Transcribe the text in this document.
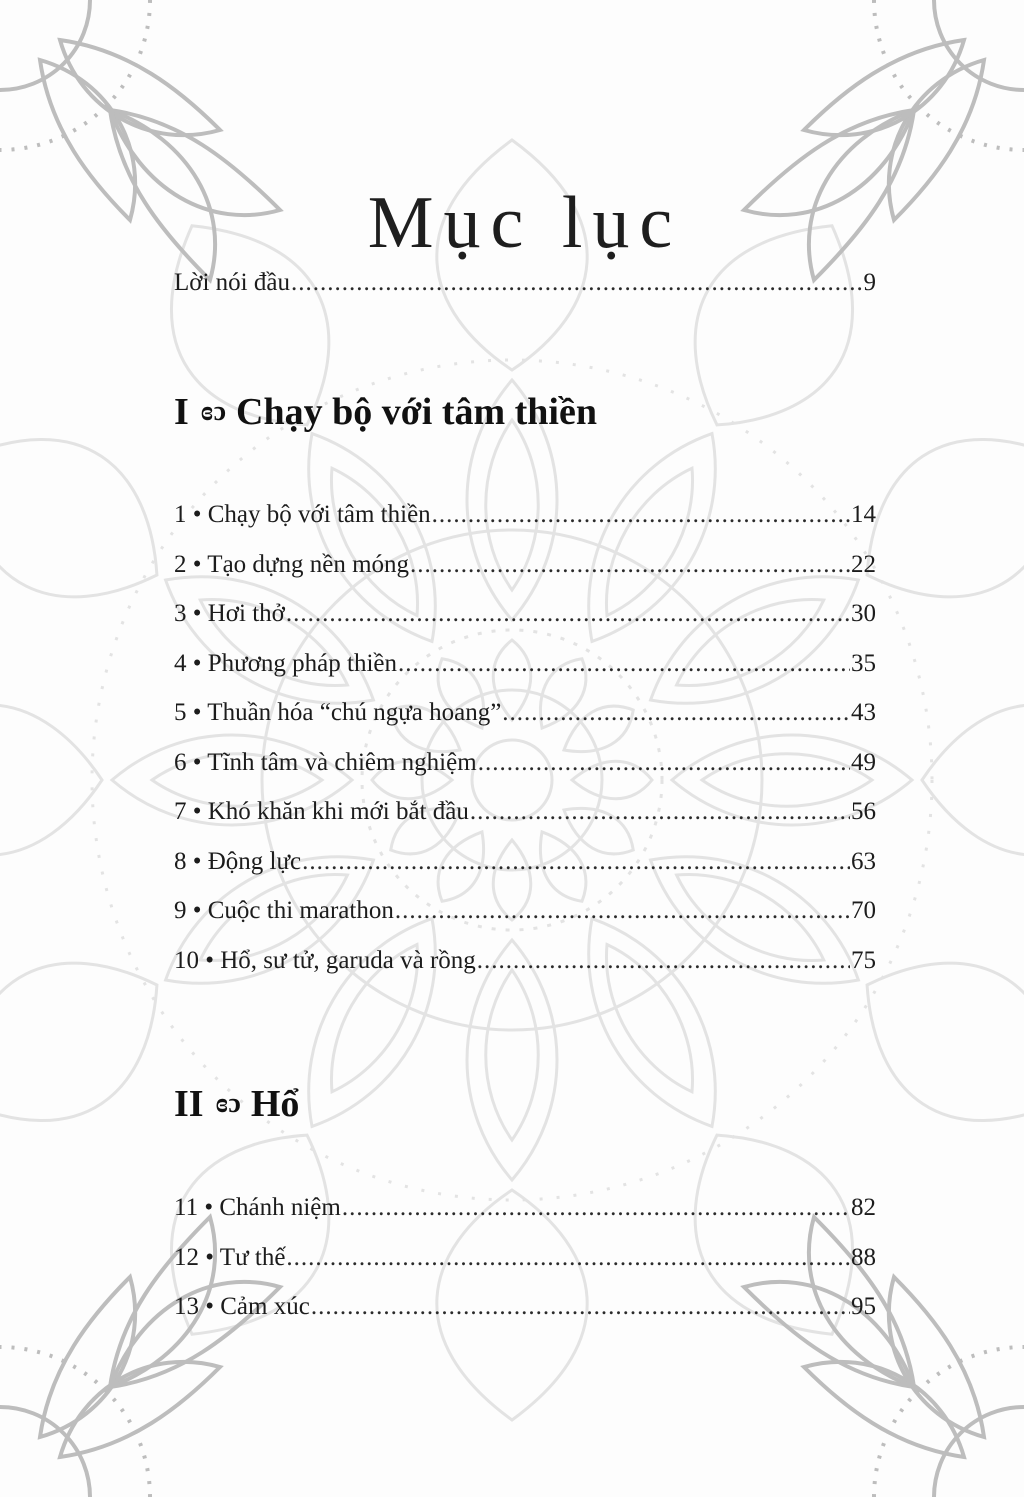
Mục lục
Lời nói đầu .....	9
I ɞɔ Chạy bộ với tâm thiền
1 • Chạy bộ với tâm thiền .....	14
2 • Tạo dựng nền móng .....	22
3 • Hơi thở .....	30
4 • Phương pháp thiền .....	35
5 • Thuần hóa “chú ngựa hoang” .....	43
6 • Tĩnh tâm và chiêm nghiệm .....	49
7 • Khó khăn khi mới bắt đầu .....	56
8 • Động lực .....	63
9 • Cuộc thi marathon .....	70
10 • Hổ, sư tử, garuda và rồng .....	75
II ɞɔ Hổ
11 • Chánh niệm .....	82
12 • Tư thế .....	88
13 • Cảm xúc .....	95
